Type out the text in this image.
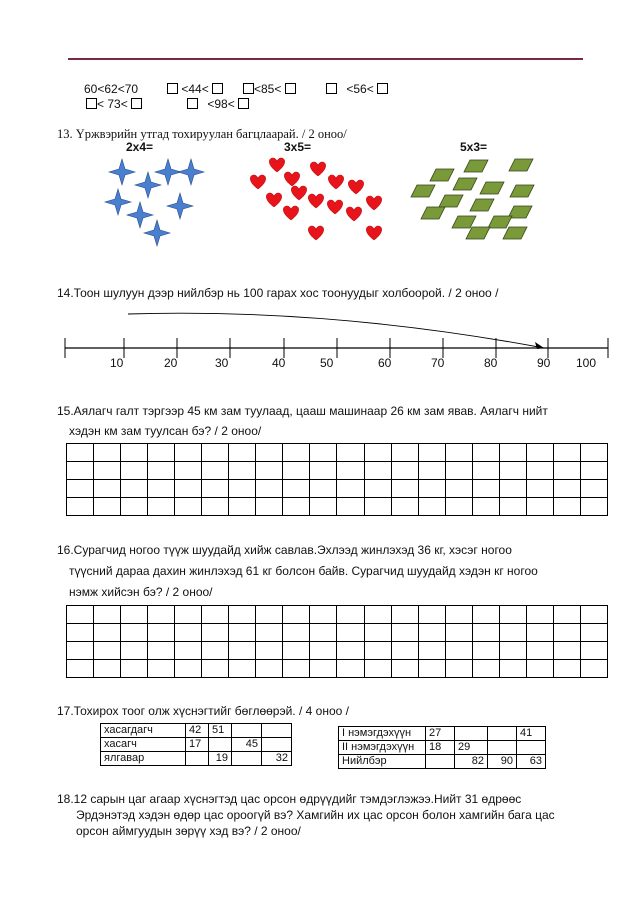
60<62<70	<44<	<85<	<56<
< 73<	<98<
13. Үржвэрийн утгад тохируулан багцлаарай. / 2 оноо/
2x4=	3x5=	5x3=
14.Тоон шулуун дээр нийлбэр нь 100 гарах хос тоонуудыг холбоорой. / 2 оноо /
10	20	30	40	50	60	70	80	90 100
15.Аялагч галт тэргээр 45 км зам туулаад, цааш машинаар 26 км зам явав. Аялагч нийт
хэдэн км зам туулсан бэ? / 2 оноо/

16.Сурагчид ногоо түүж шуудайд хийж савлав.Эхлээд жинлэхэд 36 кг, хэсэг ногоо
түүсний дараа дахин жинлэхэд 61 кг болсон байв. Сурагчид шуудайд хэдэн кг ногоо
нэмж хийсэн бэ? / 2 оноо/

17.Тохирох тоог олж хүснэгтийг бөглөөрэй. / 4 оноо /
хасагдагч	42	51		
хасагч	17		45	
ялгавар		19		32
I нэмэгдэхүүн	27			41
II нэмэгдэхүүн	18	29		
Нийлбэр		82	90	63
18.12 сарын цаг агаар хүснэгтэд цас орсон өдрүүдийг тэмдэглэжээ.Нийт 31 өдрөөс
Эрдэнэтэд хэдэн өдөр цас ороогүй вэ? Хамгийн их цас орсон болон хамгийн бага цас
орсон аймгуудын зөрүү хэд вэ? / 2 оноо/
